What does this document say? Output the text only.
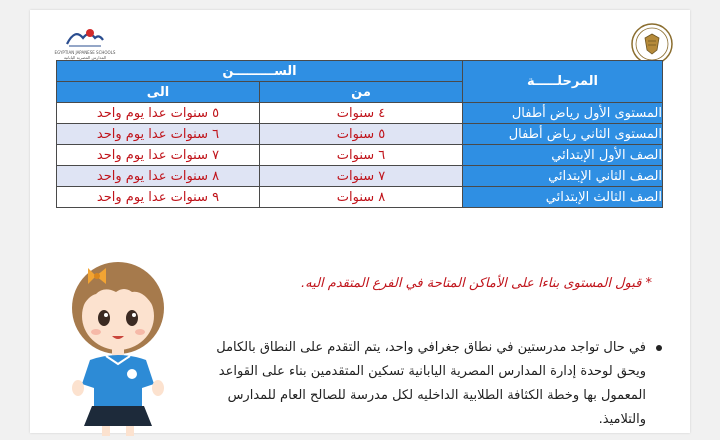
EGYPTIAN JAPANESE SCHOOLS
المدارس المصرية اليابانية
المرحلـــــة	الســـــــــن	
	من	الى
المستوى الأول رياض أطفال	٤ سنوات	٥ سنوات عدا يوم واحد
المستوى الثاني رياض أطفال	٥ سنوات	٦ سنوات عدا يوم واحد
الصف الأول الإبتدائي	٦ سنوات	٧ سنوات عدا يوم واحد
الصف الثاني الإبتدائي	٧ سنوات	٨ سنوات عدا يوم واحد
الصف الثالث الإبتدائي	٨ سنوات	٩ سنوات عدا يوم واحد
* قبول المستوى بناءا على الأماكن المتاحة في الفرع المتقدم اليه.
في حال تواجد مدرستين في نطاق جغرافي واحد، يتم التقدم على النطاق بالكامل ويحق لوحدة إدارة المدارس المصرية اليابانية تسكين المتقدمين بناء على القواعد المعمول بها وخطة الكثافة الطلابية الداخليه لكل مدرسة للصالح العام للمدارس والتلاميذ.
